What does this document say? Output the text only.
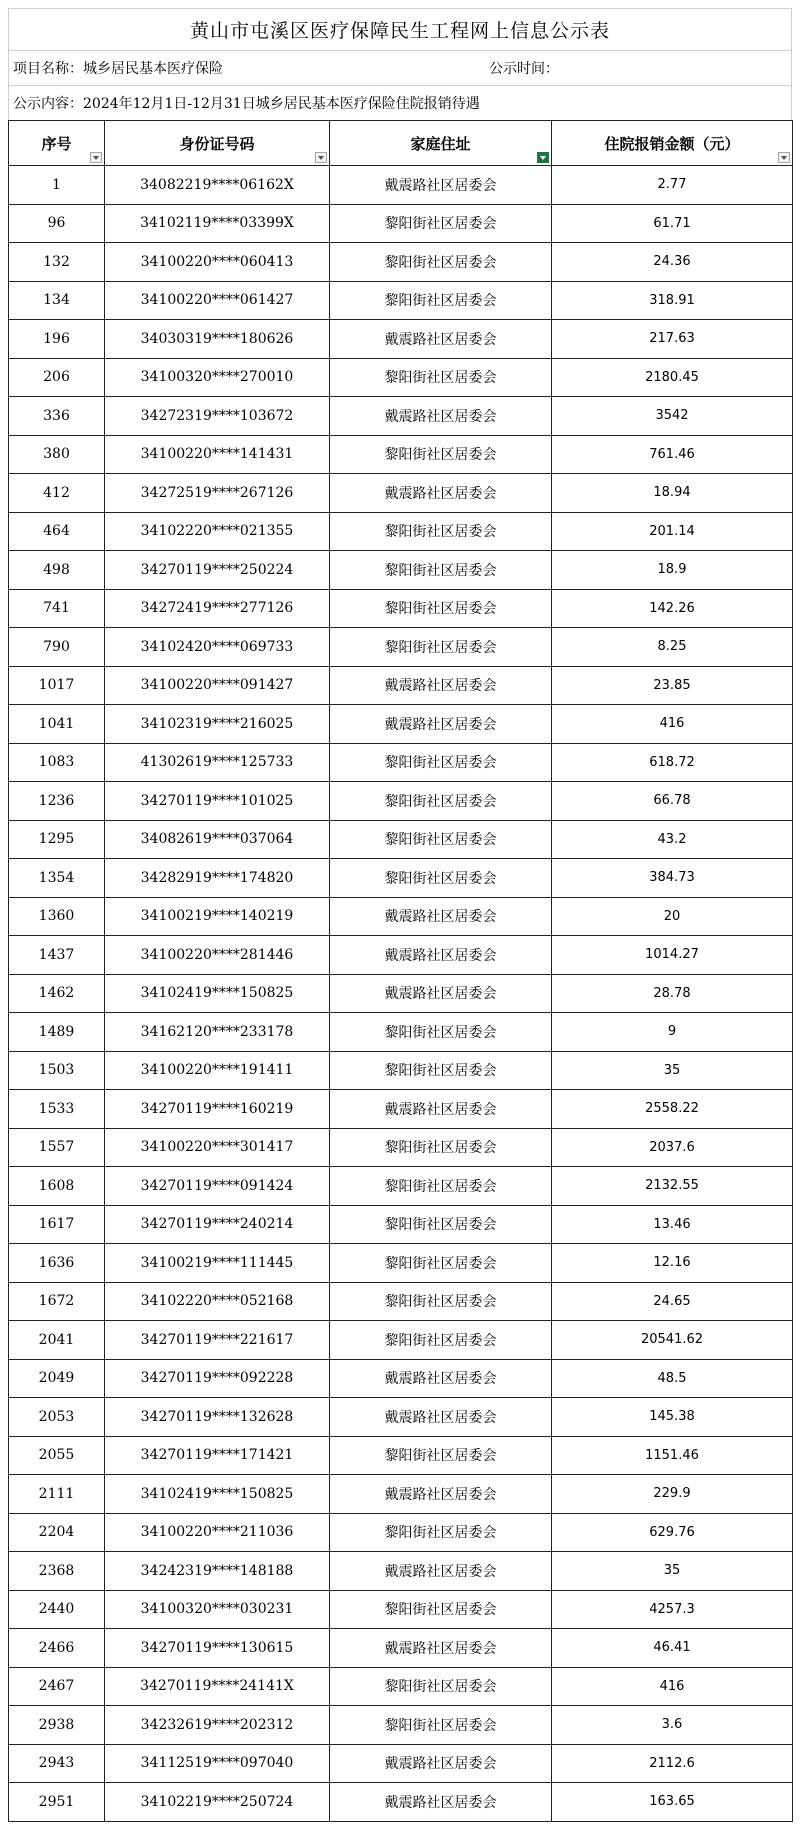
黄山市屯溪区医疗保障民生工程网上信息公示表
项目名称：城乡居民基本医疗保险	公示时间：
公示内容： 2024年12月1日-12月31日城乡居民基本医疗保险住院报销待遇
序号	身份证号码	家庭住址	住院报销金额（元）

1	34082219****06162X	戴震路社区居委会	2.77
96	34102119****03399X	黎阳街社区居委会	61.71
132	34100220****060413	黎阳街社区居委会	24.36
134	34100220****061427	黎阳街社区居委会	318.91
196	34030319****180626	戴震路社区居委会	217.63
206	34100320****270010	黎阳街社区居委会	2180.45
336	34272319****103672	戴震路社区居委会	3542
380	34100220****141431	黎阳街社区居委会	761.46
412	34272519****267126	戴震路社区居委会	18.94
464	34102220****021355	黎阳街社区居委会	201.14
498	34270119****250224	黎阳街社区居委会	18.9
741	34272419****277126	黎阳街社区居委会	142.26
790	34102420****069733	黎阳街社区居委会	8.25
1017	34100220****091427	戴震路社区居委会	23.85
1041	34102319****216025	戴震路社区居委会	416
1083	41302619****125733	黎阳街社区居委会	618.72
1236	34270119****101025	黎阳街社区居委会	66.78
1295	34082619****037064	黎阳街社区居委会	43.2
1354	34282919****174820	黎阳街社区居委会	384.73
1360	34100219****140219	戴震路社区居委会	20
1437	34100220****281446	戴震路社区居委会	1014.27
1462	34102419****150825	戴震路社区居委会	28.78
1489	34162120****233178	黎阳街社区居委会	9
1503	34100220****191411	黎阳街社区居委会	35
1533	34270119****160219	戴震路社区居委会	2558.22
1557	34100220****301417	黎阳街社区居委会	2037.6
1608	34270119****091424	黎阳街社区居委会	2132.55
1617	34270119****240214	黎阳街社区居委会	13.46
1636	34100219****111445	黎阳街社区居委会	12.16
1672	34102220****052168	黎阳街社区居委会	24.65
2041	34270119****221617	黎阳街社区居委会	20541.62
2049	34270119****092228	戴震路社区居委会	48.5
2053	34270119****132628	戴震路社区居委会	145.38
2055	34270119****171421	黎阳街社区居委会	1151.46
2111	34102419****150825	戴震路社区居委会	229.9
2204	34100220****211036	黎阳街社区居委会	629.76
2368	34242319****148188	戴震路社区居委会	35
2440	34100320****030231	黎阳街社区居委会	4257.3
2466	34270119****130615	戴震路社区居委会	46.41
2467	34270119****24141X	黎阳街社区居委会	416
2938	34232619****202312	黎阳街社区居委会	3.6
2943	34112519****097040	戴震路社区居委会	2112.6
2951	34102219****250724	戴震路社区居委会	163.65
